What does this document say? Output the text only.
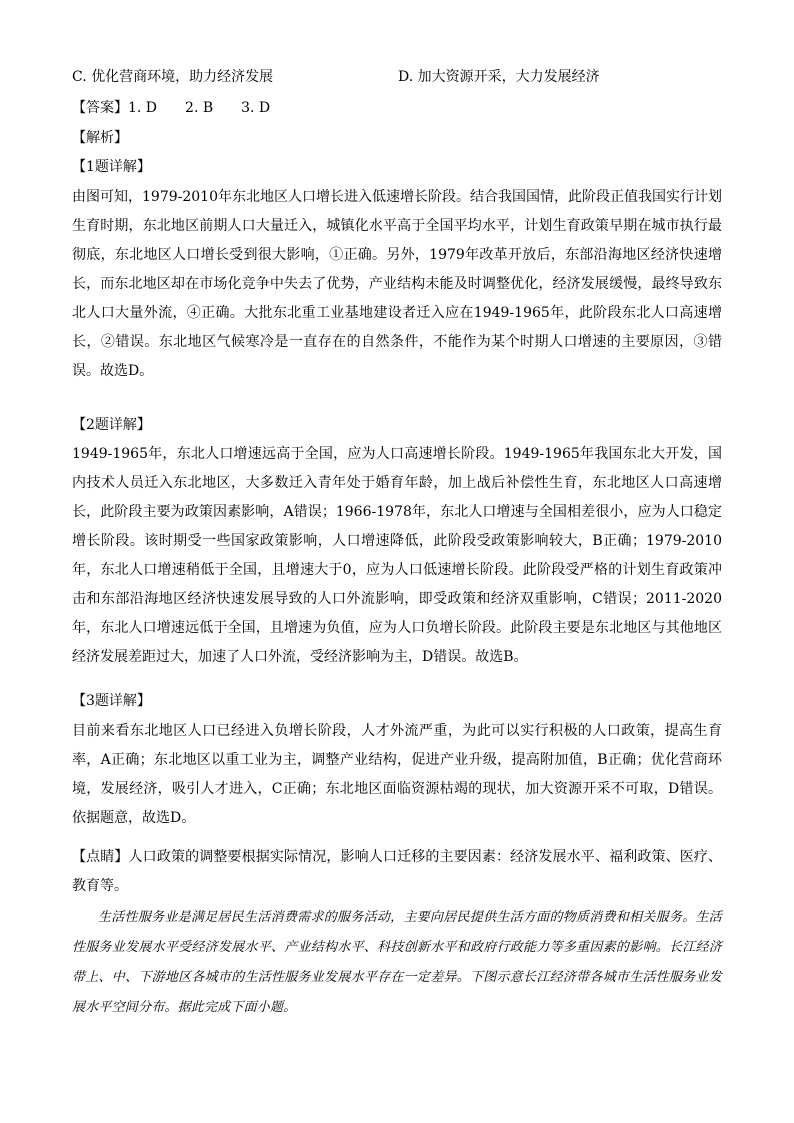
C. 优化营商环境，助力经济发展	D. 加大资源开采，大力发展经济
【答案】1. D　　2. B　　3. D
【解析】
【1题详解】

由图可知，1979-2010年东北地区人口增长进入低速增长阶段。结合我国国情，此阶段正值我国实行计划生育时期，东北地区前期人口大量迁入，城镇化水平高于全国平均水平，计划生育政策早期在城市执行最彻底，东北地区人口增长受到很大影响，①正确。另外，1979年改革开放后，东部沿海地区经济快速增长，而东北地区却在市场化竞争中失去了优势，产业结构未能及时调整优化，经济发展缓慢，最终导致东北人口大量外流，④正确。大批东北重工业基地建设者迁入应在1949-1965年，此阶段东北人口高速增长，②错误。东北地区气候寒冷是一直存在的自然条件，不能作为某个时期人口增速的主要原因，③错误。故选D。

【2题详解】

1949-1965年，东北人口增速远高于全国，应为人口高速增长阶段。1949-1965年我国东北大开发，国内技术人员迁入东北地区，大多数迁入青年处于婚育年龄，加上战后补偿性生育，东北地区人口高速增长，此阶段主要为政策因素影响，A错误；1966-1978年，东北人口增速与全国相差很小，应为人口稳定增长阶段。该时期受一些国家政策影响，人口增速降低，此阶段受政策影响较大，B正确；1979-2010年，东北人口增速稍低于全国，且增速大于0，应为人口低速增长阶段。此阶段受严格的计划生育政策冲击和东部沿海地区经济快速发展导致的人口外流影响，即受政策和经济双重影响，C错误；2011-2020年，东北人口增速远低于全国，且增速为负值，应为人口负增长阶段。此阶段主要是东北地区与其他地区经济发展差距过大，加速了人口外流，受经济影响为主，D错误。故选B。

【3题详解】

目前来看东北地区人口已经进入负增长阶段，人才外流严重，为此可以实行积极的人口政策，提高生育率，A正确；东北地区以重工业为主，调整产业结构，促进产业升级，提高附加值，B正确；优化营商环境，发展经济，吸引人才进入，C正确；东北地区面临资源枯竭的现状，加大资源开采不可取，D错误。依据题意，故选D。

【点睛】人口政策的调整要根据实际情况，影响人口迁移的主要因素：经济发展水平、福利政策、医疗、教育等。

生活性服务业是满足居民生活消费需求的服务活动，主要向居民提供生活方面的物质消费和相关服务。生活性服务业发展水平受经济发展水平、产业结构水平、科技创新水平和政府行政能力等多重因素的影响。长江经济带上、中、下游地区各城市的生活性服务业发展水平存在一定差异。下图示意长江经济带各城市生活性服务业发展水平空间分布。据此完成下面小题。
